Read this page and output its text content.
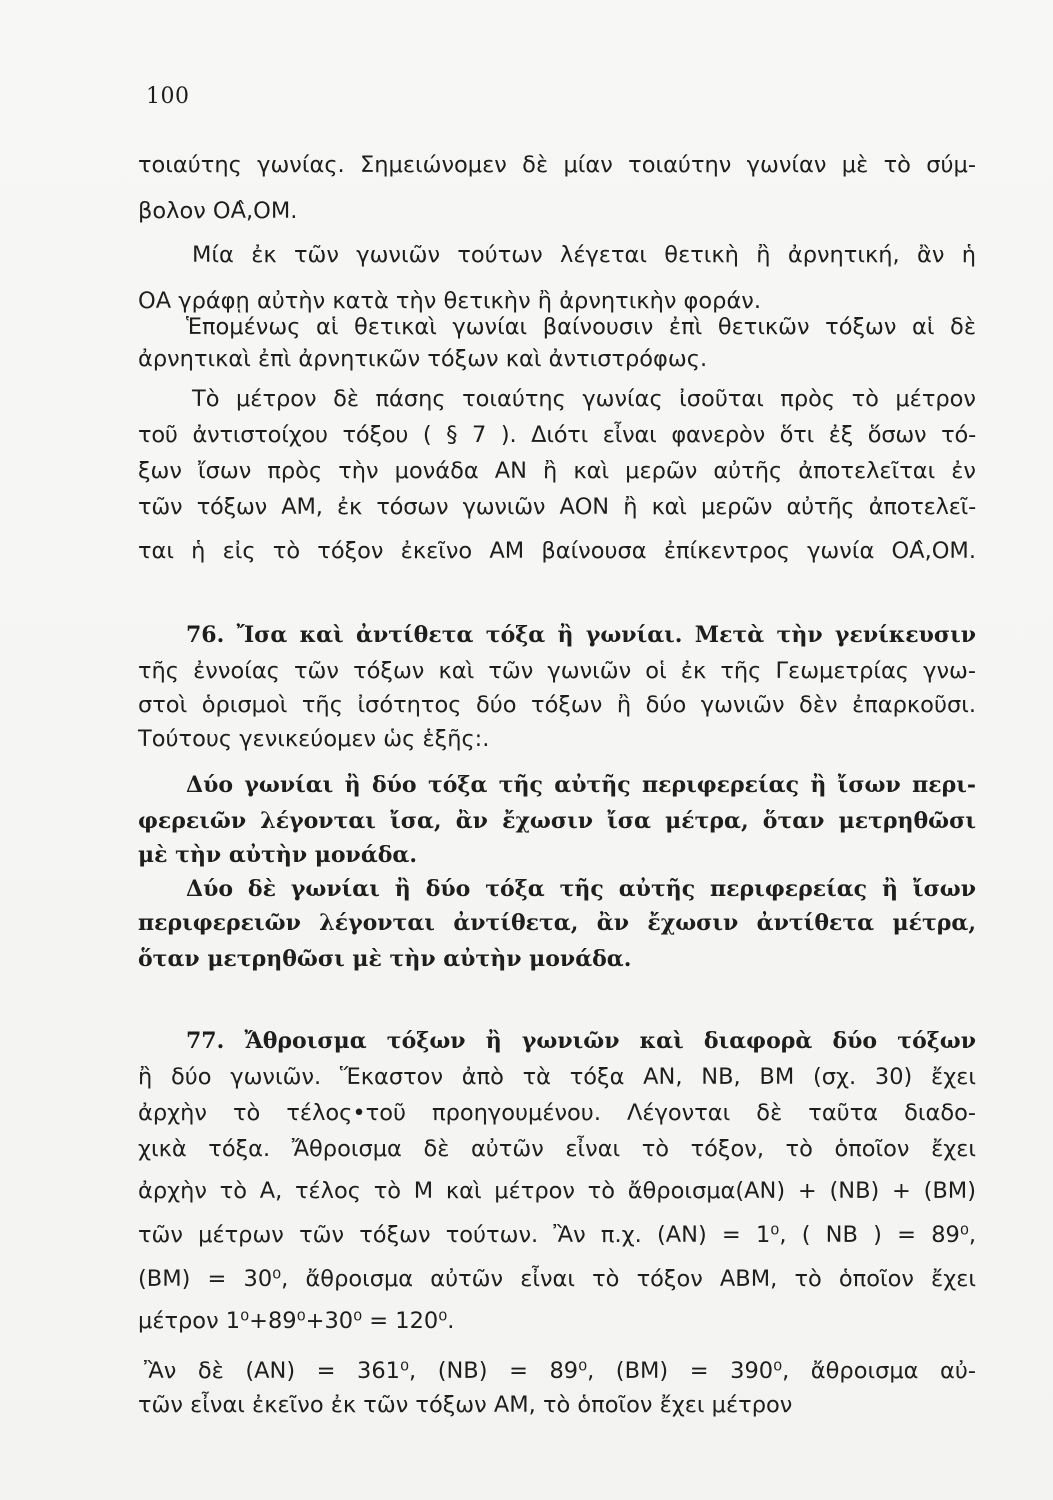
100
τοιαύτης γωνίας. Σημειώνομεν δὲ μίαν τοιαύτην γωνίαν μὲ τὸ σύμ-
βολον ΟΑ̂,ΟΜ.
Μία ἐκ τῶν γωνιῶν τούτων λέγεται θετικὴ ἢ ἀρνητική, ἂν ἡ
ΟΑ γράφῃ αὐτὴν κατὰ τὴν θετικὴν ἢ ἀρνητικὴν φοράν.
Ἑπομένως αἱ θετικαὶ γωνίαι βαίνουσιν ἐπὶ θετικῶν τόξων αἱ δὲ
ἀρνητικαὶ ἐπὶ ἀρνητικῶν τόξων καὶ ἀντιστρόφως.
Τὸ μέτρον δὲ πάσης τοιαύτης γωνίας ἰσοῦται πρὸς τὸ μέτρον
τοῦ ἀντιστοίχου τόξου ( § 7 ). Διότι εἶναι φανερὸν ὅτι ἐξ ὅσων τό-
ξων ἴσων πρὸς τὴν μονάδα ΑΝ ἢ καὶ μερῶν αὐτῆς ἀποτελεῖται ἐν
τῶν τόξων ΑΜ, ἐκ τόσων γωνιῶν ΑΟΝ ἢ καὶ μερῶν αὐτῆς ἀποτελεῖ-
ται ἡ εἰς τὸ τόξον ἐκεῖνο ΑΜ βαίνουσα ἐπίκεντρος γωνία ΟΑ̂,ΟΜ.
76. Ἴσα καὶ ἀντίθετα τόξα ἢ γωνίαι. Μετὰ τὴν γενίκευσιν
τῆς ἐννοίας τῶν τόξων καὶ τῶν γωνιῶν οἱ ἐκ τῆς Γεωμετρίας γνω-
στοὶ ὁρισμοὶ τῆς ἰσότητος δύο τόξων ἢ δύο γωνιῶν δὲν ἐπαρκοῦσι.
Τούτους γενικεύομεν ὡς ἑξῆς:.
Δύο γωνίαι ἢ δύο τόξα τῆς αὐτῆς περιφερείας ἢ ἴσων περι-
φερειῶν λέγονται ἴσα, ἂν ἔχωσιν ἴσα μέτρα, ὅταν μετρηθῶσι
μὲ τὴν αὐτὴν μονάδα.
Δύο δὲ γωνίαι ἢ δύο τόξα τῆς αὐτῆς περιφερείας ἢ ἴσων
περιφερειῶν λέγονται ἀντίθετα, ἂν ἔχωσιν ἀντίθετα μέτρα,
ὅταν μετρηθῶσι μὲ τὴν αὐτὴν μονάδα.
77. Ἄθροισμα τόξων ἢ γωνιῶν καὶ διαφορὰ δύο τόξων
ἢ δύο γωνιῶν. Ἕκαστον ἀπὸ τὰ τόξα ΑΝ, ΝΒ, ΒΜ (σχ. 30) ἔχει
ἀρχὴν τὸ τέλος•τοῦ προηγουμένου. Λέγονται δὲ ταῦτα διαδο-
χικὰ τόξα. Ἄθροισμα δὲ αὐτῶν εἶναι τὸ τόξον, τὸ ὁποῖον ἔχει
ἀρχὴν τὸ Α, τέλος τὸ Μ καὶ μέτρον τὸ ἄθροισμα(ΑΝ) + (ΝΒ) + (ΒΜ)
τῶν μέτρων τῶν τόξων τούτων. Ἂν π.χ. (ΑΝ) = 1⁰, ( ΝΒ ) = 89⁰,
(ΒΜ) = 30⁰, ἄθροισμα αὐτῶν εἶναι τὸ τόξον ΑΒΜ, τὸ ὁποῖον ἔχει
μέτρον 1⁰+89⁰+30⁰ = 120⁰.
Ἂν δὲ (ΑΝ) = 361⁰, (ΝΒ) = 89⁰, (ΒΜ) = 390⁰, ἄθροισμα αὐ-
τῶν εἶναι ἐκεῖνο ἐκ τῶν τόξων ΑΜ, τὸ ὁποῖον ἔχει μέτρον
